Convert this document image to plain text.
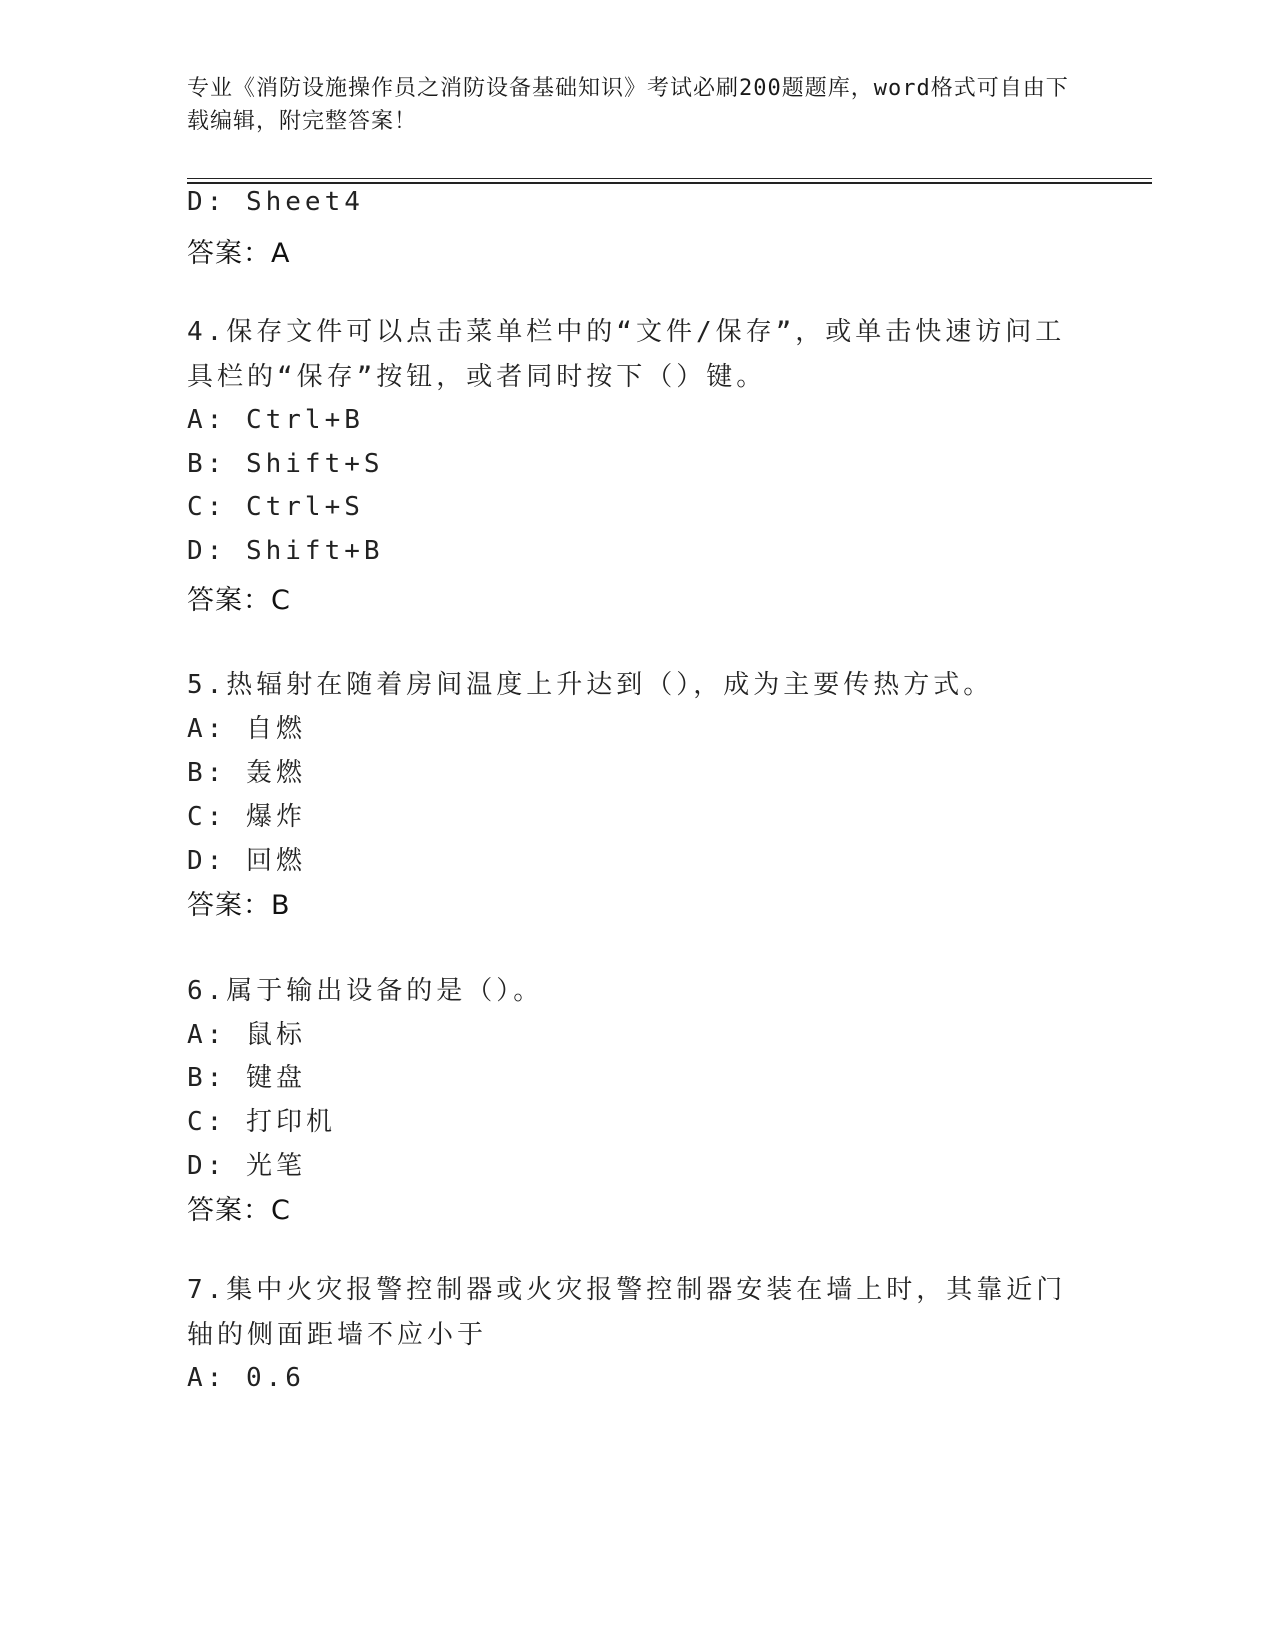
专业《消防设施操作员之消防设备基础知识》考试必刷200题题库，word格式可自由下载编辑，附完整答案！
D: Sheet4
答案：A
4.保存文件可以点击菜单栏中的“文件/保存”，或单击快速访问工具栏的“保存”按钮，或者同时按下（）键。
A: Ctrl+B
B: Shift+S
C: Ctrl+S
D: Shift+B
答案：C
5.热辐射在随着房间温度上升达到（），成为主要传热方式。
A: 自燃
B: 轰燃
C: 爆炸
D: 回燃
答案：B
6.属于输出设备的是（）。
A: 鼠标
B: 键盘
C: 打印机
D: 光笔
答案：C
7.集中火灾报警控制器或火灾报警控制器安装在墙上时，其靠近门轴的侧面距墙不应小于
A: 0.6
